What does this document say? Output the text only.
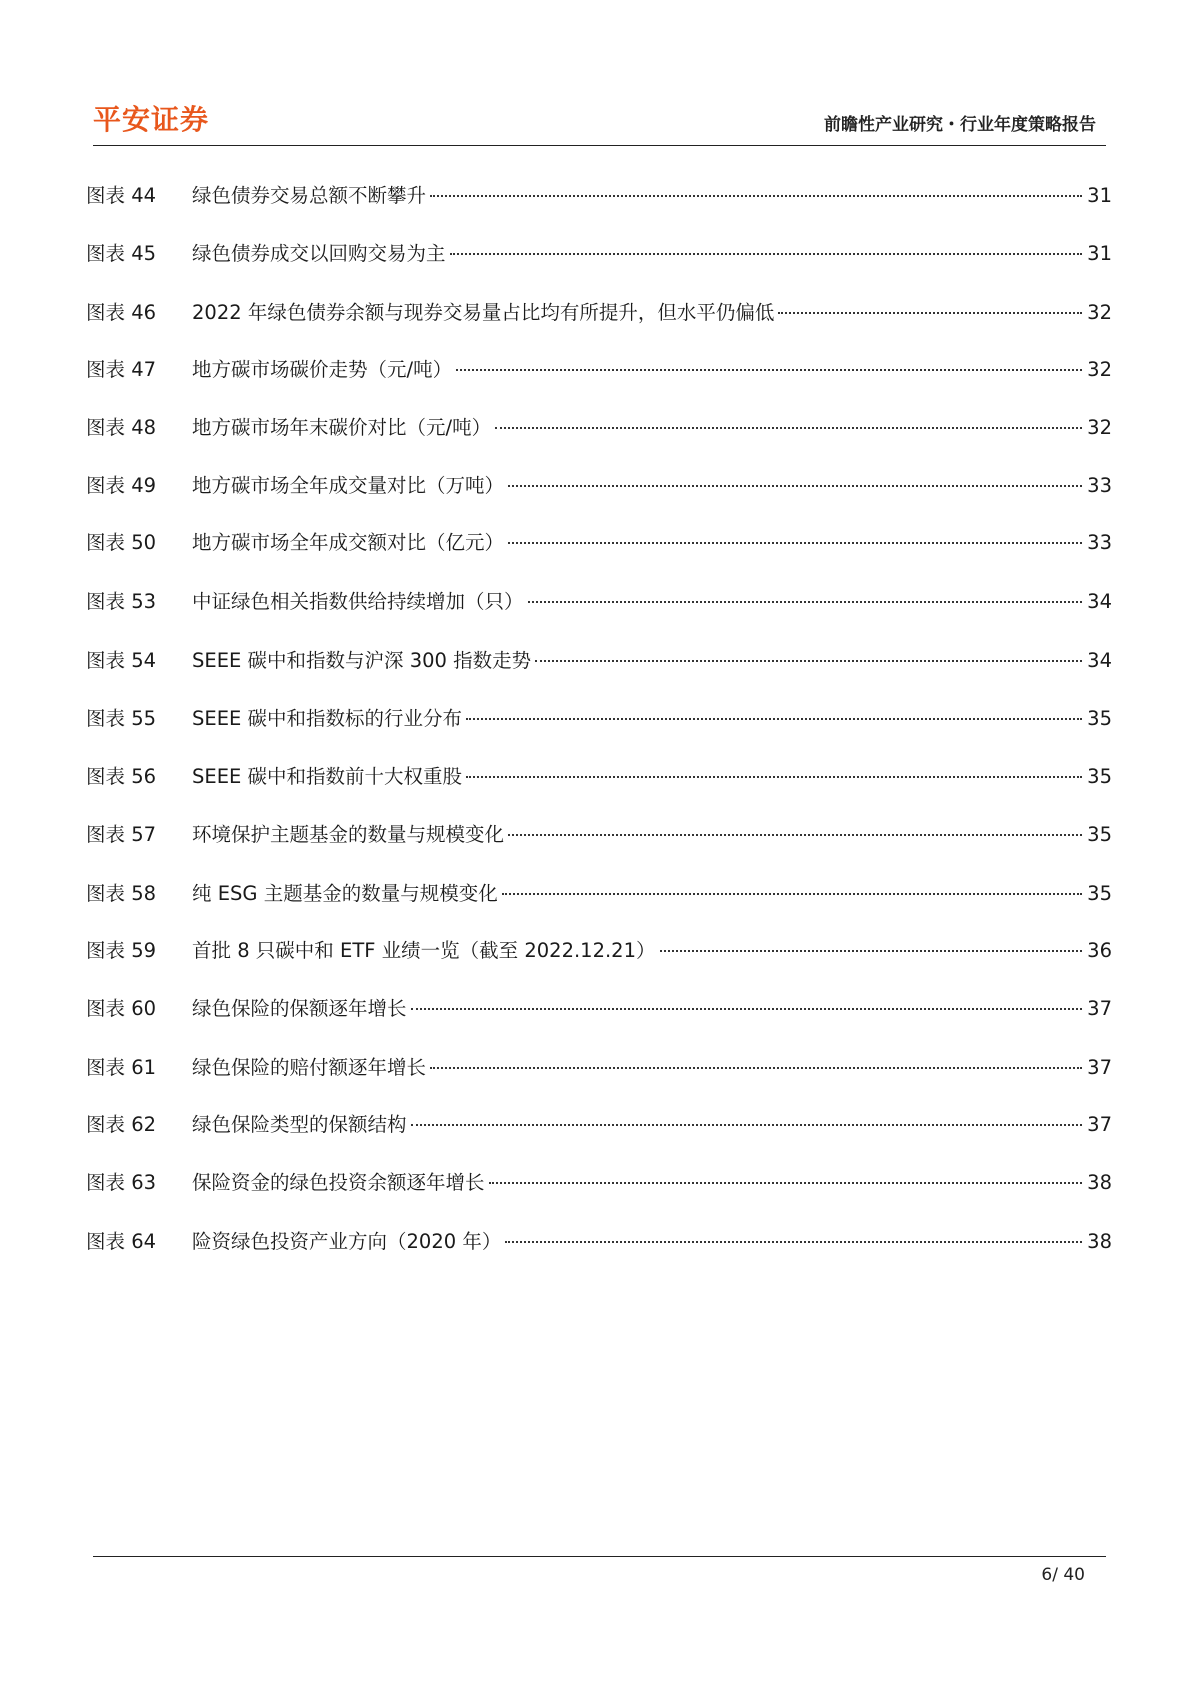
平安证券	前瞻性产业研究・行业年度策略报告
图表 44	绿色债券交易总额不断攀升	31
图表 45	绿色债券成交以回购交易为主	31
图表 46	2022 年绿色债券余额与现券交易量占比均有所提升，但水平仍偏低	32
图表 47	地方碳市场碳价走势（元/吨）	32
图表 48	地方碳市场年末碳价对比（元/吨）	32
图表 49	地方碳市场全年成交量对比（万吨）	33
图表 50	地方碳市场全年成交额对比（亿元）	33
图表 53	中证绿色相关指数供给持续增加（只）	34
图表 54	SEEE 碳中和指数与沪深 300 指数走势	34
图表 55	SEEE 碳中和指数标的行业分布	35
图表 56	SEEE 碳中和指数前十大权重股	35
图表 57	环境保护主题基金的数量与规模变化	35
图表 58	纯 ESG 主题基金的数量与规模变化	35
图表 59	首批 8 只碳中和 ETF 业绩一览（截至 2022.12.21）	36
图表 60	绿色保险的保额逐年增长	37
图表 61	绿色保险的赔付额逐年增长	37
图表 62	绿色保险类型的保额结构	37
图表 63	保险资金的绿色投资余额逐年增长	38
图表 64	险资绿色投资产业方向（2020 年）	38
6/ 40
